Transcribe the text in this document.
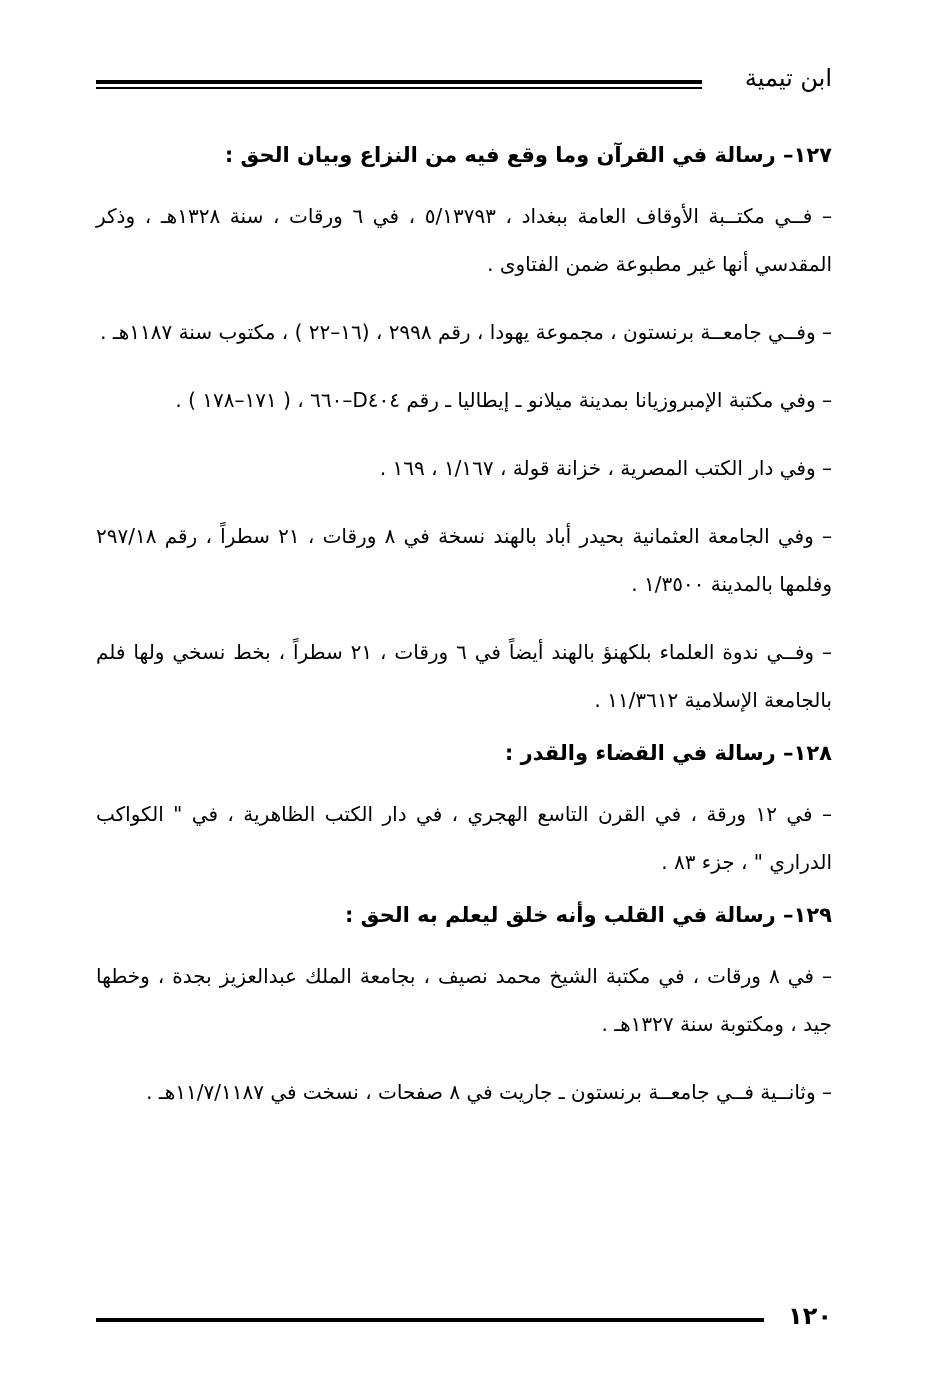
ابن تيمية
١٢٧– رسالة في القرآن وما وقع فيه من النزاع وبيان الحق :

– فــي مكتــبة الأوقاف العامة ببغداد ، ٥/١٣٧٩٣ ، في ٦ ورقات ، سنة ١٣٢٨هـ ، وذكر المقدسي أنها غير مطبوعة ضمن الفتاوى .

– وفــي جامعــة برنستون ، مجموعة يهودا ، رقم ٢٩٩٨ ، (١٦–٢٢ ) ، مكتوب سنة ١١٨٧هـ .

– وفي مكتبة الإمبروزيانا بمدينة ميلانو ـ إيطاليا ـ رقم D٤٠٤–٦٦٠ ، ( ١٧١–١٧٨ ) .

– وفي دار الكتب المصرية ، خزانة قولة ، ١/١٦٧ ، ١٦٩ .

– وفي الجامعة العثمانية بحيدر أباد بالهند نسخة في ٨ ورقات ، ٢١ سطراً ، رقم ٢٩٧/١٨ وفلمها بالمدينة ١/٣٥٠٠ .

– وفــي ندوة العلماء بلكهنؤ بالهند أيضاً في ٦ ورقات ، ٢١ سطراً ، بخط نسخي ولها فلم بالجامعة الإسلامية ١١/٣٦١٢ .

١٢٨– رسالة في القضاء والقدر :

– في ١٢ ورقة ، في القرن التاسع الهجري ، في دار الكتب الظاهرية ، في " الكواكب الدراري " ، جزء ٨٣ .

١٢٩– رسالة في القلب وأنه خلق ليعلم به الحق :

– في ٨ ورقات ، في مكتبة الشيخ محمد نصيف ، بجامعة الملك عبدالعزيز بجدة ، وخطها جيد ، ومكتوبة سنة ١٣٢٧هـ .

– وثانــية فــي جامعــة برنستون ـ جاريت في ٨ صفحات ، نسخت في ١١/٧/١١٨٧هـ .

١٢٠
